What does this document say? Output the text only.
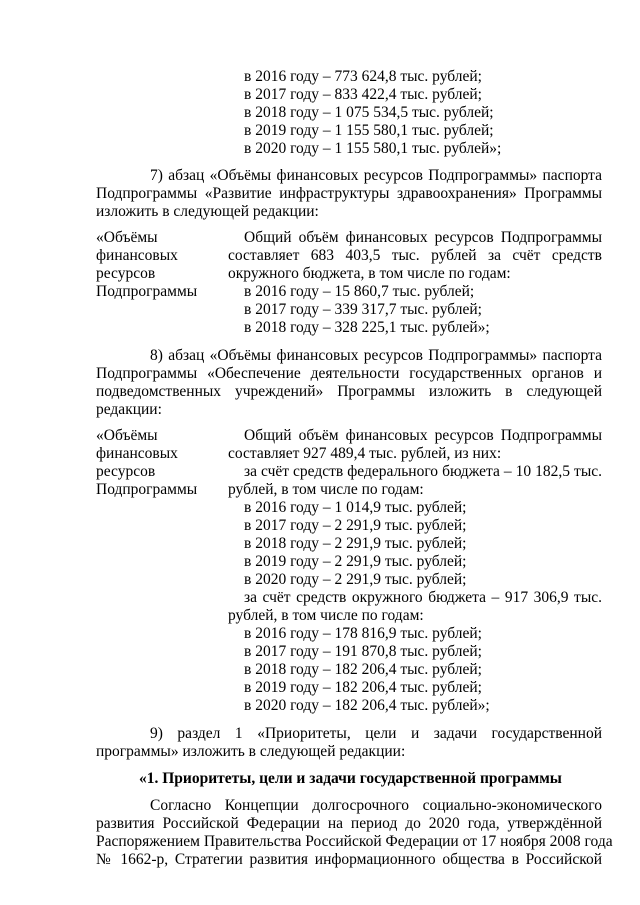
в 2016 году – 773 624,8 тыс. рублей;
в 2017 году – 833 422,4 тыс. рублей;
в 2018 году – 1 075 534,5 тыс. рублей;
в 2019 году – 1 155 580,1 тыс. рублей;
в 2020 году – 1 155 580,1 тыс. рублей»;
7) абзац «Объёмы финансовых ресурсов Подпрограммы» паспорта
Подпрограммы «Развитие инфраструктуры здравоохранения» Программы
изложить в следующей редакции:
«Объёмы
финансовых
ресурсов
Подпрограммы
Общий объём финансовых ресурсов Подпрограммы
составляет 683 403,5 тыс. рублей за счёт средств
окружного бюджета, в том числе по годам:
в 2016 году – 15 860,7 тыс. рублей;
в 2017 году – 339 317,7 тыс. рублей;
в 2018 году – 328 225,1 тыс. рублей»;
8) абзац «Объёмы финансовых ресурсов Подпрограммы» паспорта
Подпрограммы «Обеспечение деятельности государственных органов и
подведомственных учреждений» Программы изложить в следующей
редакции:
«Объёмы
финансовых
ресурсов
Подпрограммы
Общий объём финансовых ресурсов Подпрограммы
составляет 927 489,4 тыс. рублей, из них:
за счёт средств федерального бюджета – 10 182,5 тыс.
рублей, в том числе по годам:
в 2016 году – 1 014,9 тыс. рублей;
в 2017 году – 2 291,9 тыс. рублей;
в 2018 году – 2 291,9 тыс. рублей;
в 2019 году – 2 291,9 тыс. рублей;
в 2020 году – 2 291,9 тыс. рублей;
за счёт средств окружного бюджета – 917 306,9 тыс.
рублей, в том числе по годам:
в 2016 году – 178 816,9 тыс. рублей;
в 2017 году – 191 870,8 тыс. рублей;
в 2018 году – 182 206,4 тыс. рублей;
в 2019 году – 182 206,4 тыс. рублей;
в 2020 году – 182 206,4 тыс. рублей»;
9) раздел 1 «Приоритеты, цели и задачи государственной
программы» изложить в следующей редакции:
«1. Приоритеты, цели и задачи государственной программы
Согласно Концепции долгосрочного социально-экономического
развития Российской Федерации на период до 2020 года, утверждённой
Распоряжением Правительства Российской Федерации от 17 ноября 2008 года
№ 1662-р, Стратегии развития информационного общества в Российской
